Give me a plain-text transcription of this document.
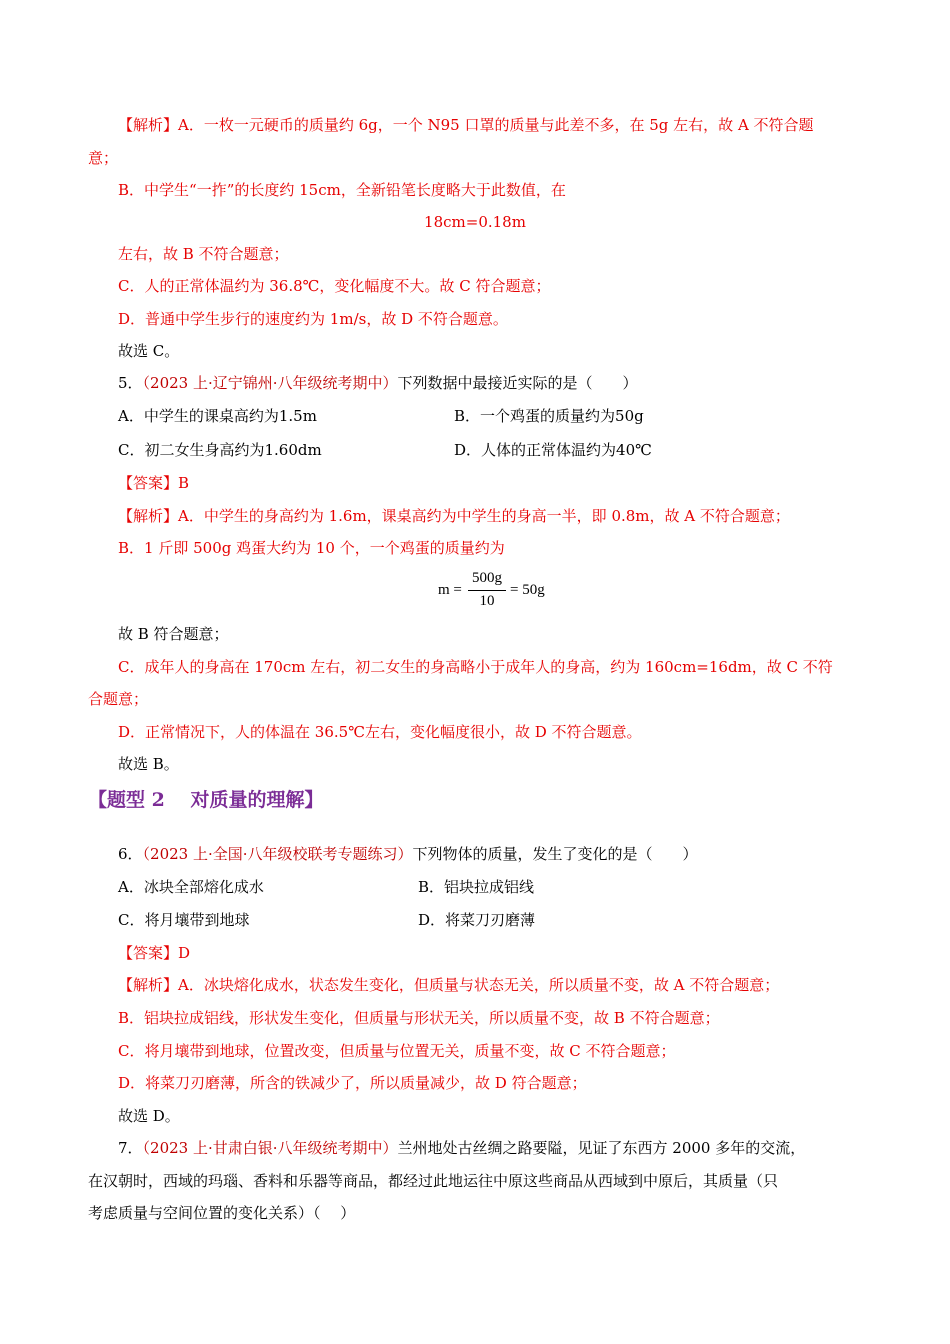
【解析】A．一枚一元硬币的质量约 6g，一个 N95 口罩的质量与此差不多，在 5g 左右，故 A 不符合题
意；
B．中学生“一拃”的长度约 15cm，全新铅笔长度略大于此数值，在
18cm=0.18m
左右，故 B 不符合题意；
C．人的正常体温约为 36.8℃，变化幅度不大。故 C 符合题意；
D．普通中学生步行的速度约为 1m/s，故 D 不符合题意。
故选 C。
5．（2023 上·辽宁锦州·八年级统考期中）下列数据中最接近实际的是（　　）
A．中学生的课桌高约为1.5m	B．一个鸡蛋的质量约为50g
C．初二女生身高约为1.60dm	D．人体的正常体温约为40℃
【答案】B
【解析】A．中学生的身高约为 1.6m，课桌高约为中学生的身高一半，即 0.8m，故 A 不符合题意；
B．1 斤即 500g 鸡蛋大约为 10 个，一个鸡蛋的质量约为
m =
500g
10
= 50g
故 B 符合题意；
C．成年人的身高在 170cm 左右，初二女生的身高略小于成年人的身高，约为 160cm=16dm，故 C 不符
合题意；
D．正常情况下，人的体温在 36.5℃左右，变化幅度很小，故 D 不符合题意。
故选 B。
【题型 2　 对质量的理解】
6．（2023 上·全国·八年级校联考专题练习）下列物体的质量，发生了变化的是（　　）
A．冰块全部熔化成水	B．铝块拉成铝线
C．将月壤带到地球	D．将菜刀刃磨薄
【答案】D
【解析】A．冰块熔化成水，状态发生变化，但质量与状态无关，所以质量不变，故 A 不符合题意；
B．铝块拉成铝线，形状发生变化，但质量与形状无关，所以质量不变，故 B 不符合题意；
C．将月壤带到地球，位置改变，但质量与位置无关，质量不变，故 C 不符合题意；
D．将菜刀刃磨薄，所含的铁减少了，所以质量减少，故 D 符合题意；
故选 D。
7．（2023 上·甘肃白银·八年级统考期中）兰州地处古丝绸之路要隘，见证了东西方 2000 多年的交流，
在汉朝时，西域的玛瑙、香料和乐器等商品，都经过此地运往中原这些商品从西域到中原后，其质量（只
考虑质量与空间位置的变化关系）（　 ）
